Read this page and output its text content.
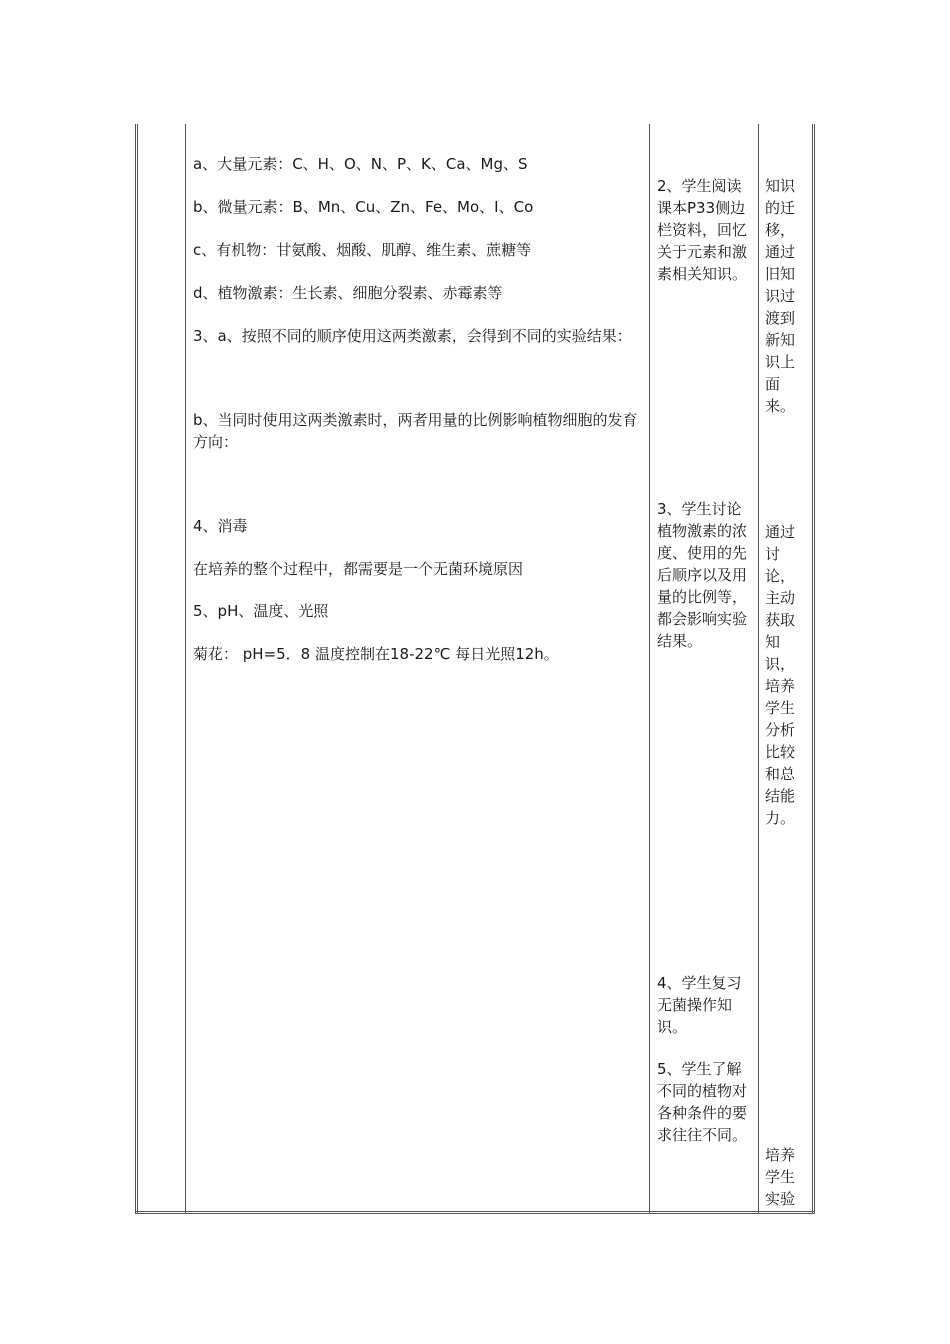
a、大量元素：C、H、O、N、P、K、Ca、Mg、S

b、微量元素：B、Mn、Cu、Zn、Fe、Mo、I、Co

c、有机物：甘氨酸、烟酸、肌醇、维生素、蔗糖等

d、植物激素：生长素、细胞分裂素、赤霉素等

3、a、按照不同的顺序使用这两类激素，会得到不同的实验结果：

b、当同时使用这两类激素时，两者用量的比例影响植物细胞的发育方向：

4、消毒

在培养的整个过程中，都需要是一个无菌环境原因

5、pH、温度、光照

菊花： pH=5．8 温度控制在18-22℃ 每日光照12h。

2、学生阅读课本P33侧边栏资料，回忆关于元素和激素相关知识。
3、学生讨论植物激素的浓度、使用的先后顺序以及用量的比例等，都会影响实验结果。
4、学生复习无菌操作知识。
5、学生了解不同的植物对各种条件的要求往往不同。
知识的迁移，通过旧知识过渡到新知识上面来。
通过讨论，主动获取知识，培养学生分析比较和总结能力。
培养学生实验
